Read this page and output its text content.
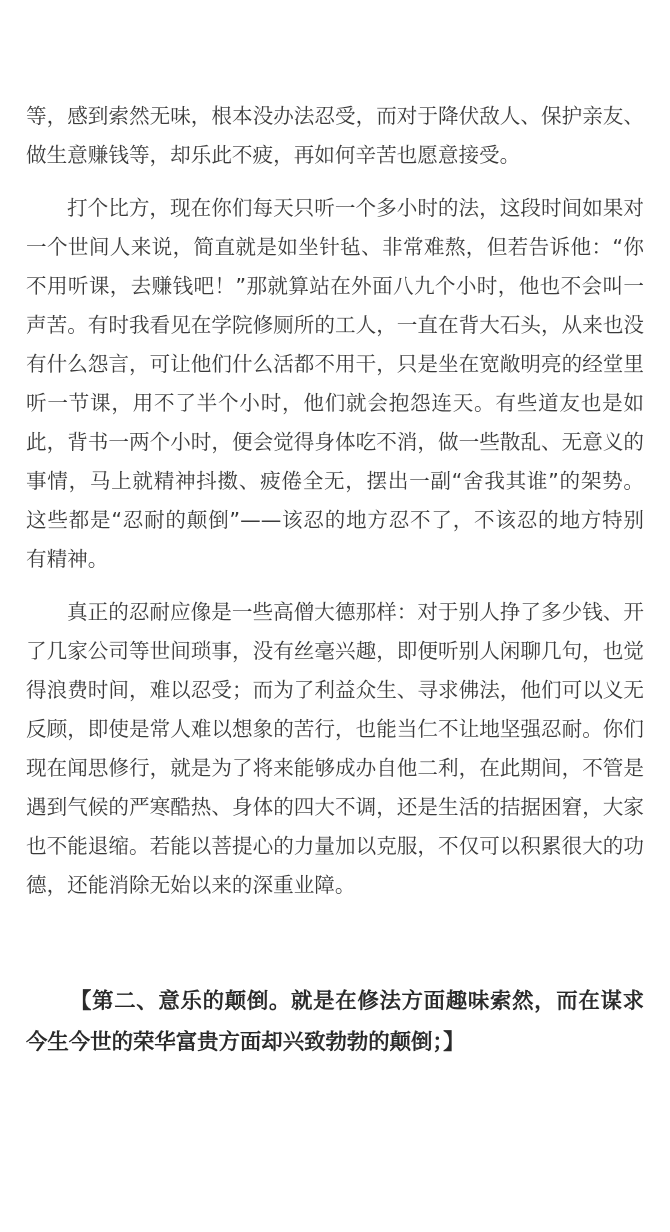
等，感到索然无味，根本没办法忍受，而对于降伏敌人、保护亲友、做生意赚钱等，却乐此不疲，再如何辛苦也愿意接受。

打个比方，现在你们每天只听一个多小时的法，这段时间如果对一个世间人来说，简直就是如坐针毡、非常难熬，但若告诉他：“你不用听课，去赚钱吧！”那就算站在外面八九个小时，他也不会叫一声苦。有时我看见在学院修厕所的工人，一直在背大石头，从来也没有什么怨言，可让他们什么活都不用干，只是坐在宽敞明亮的经堂里听一节课，用不了半个小时，他们就会抱怨连天。有些道友也是如此，背书一两个小时，便会觉得身体吃不消，做一些散乱、无意义的事情，马上就精神抖擞、疲倦全无，摆出一副“舍我其谁”的架势。这些都是“忍耐的颠倒”——该忍的地方忍不了，不该忍的地方特别有精神。

真正的忍耐应像是一些高僧大德那样：对于别人挣了多少钱、开了几家公司等世间琐事，没有丝毫兴趣，即便听别人闲聊几句，也觉得浪费时间，难以忍受；而为了利益众生、寻求佛法，他们可以义无反顾，即使是常人难以想象的苦行，也能当仁不让地坚强忍耐。你们现在闻思修行，就是为了将来能够成办自他二利，在此期间，不管是遇到气候的严寒酷热、身体的四大不调，还是生活的拮据困窘，大家也不能退缩。若能以菩提心的力量加以克服，不仅可以积累很大的功德，还能消除无始以来的深重业障。

【第二、意乐的颠倒。就是在修法方面趣味索然，而在谋求今生今世的荣华富贵方面却兴致勃勃的颠倒；】
